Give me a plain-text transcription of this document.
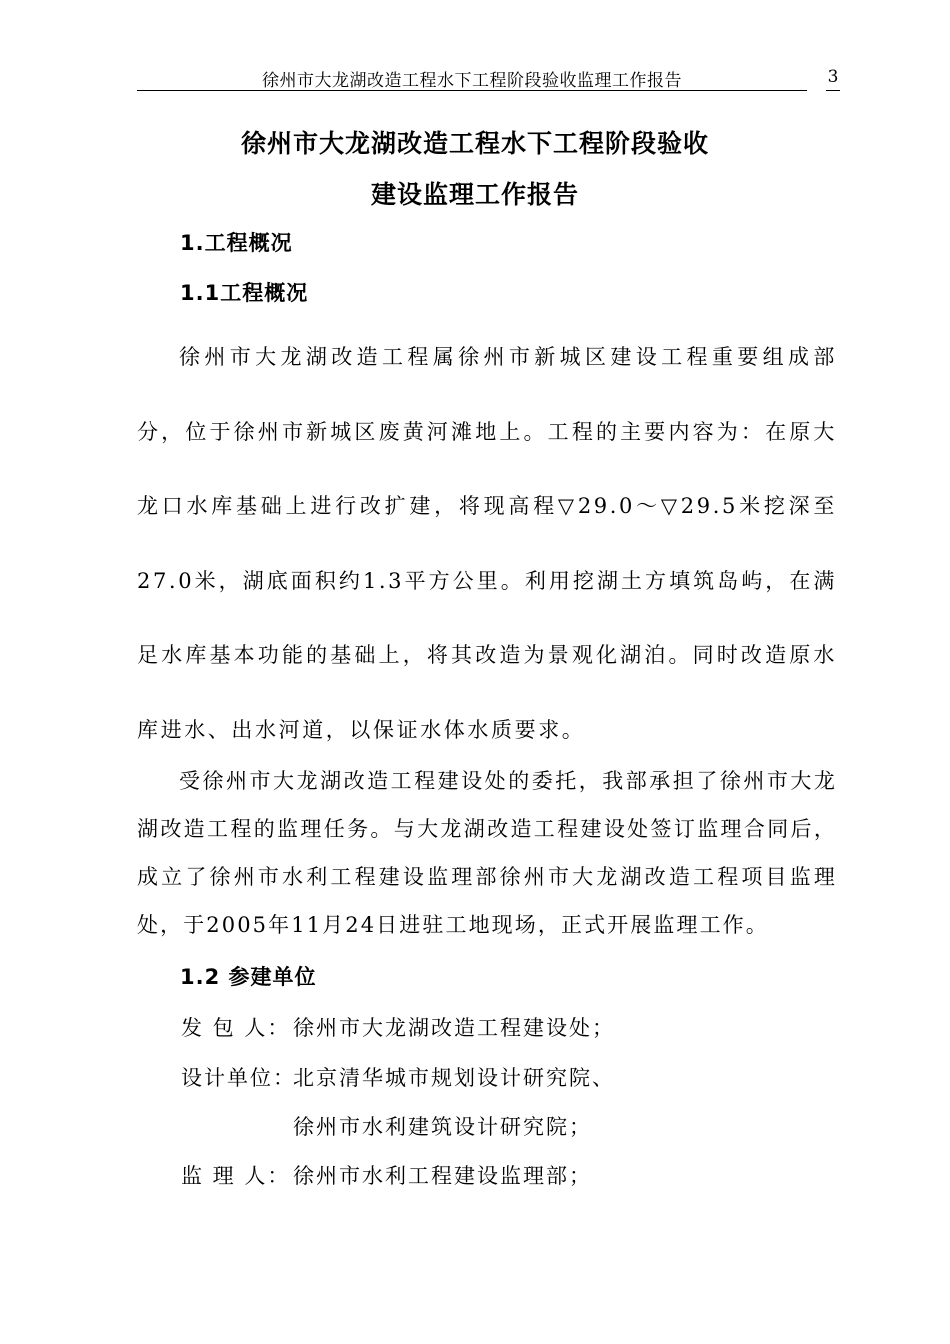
徐州市大龙湖改造工程水下工程阶段验收监理工作报告	3
徐州市大龙湖改造工程水下工程阶段验收
建设监理工作报告
1.工程概况
1.1工程概况

徐州市大龙湖改造工程属徐州市新城区建设工程重要组成部分，位于徐州市新城区废黄河滩地上。工程的主要内容为：在原大龙口水库基础上进行改扩建，将现高程▽29.0～▽29.5米挖深至27.0米，湖底面积约1.3平方公里。利用挖湖土方填筑岛屿，在满足水库基本功能的基础上，将其改造为景观化湖泊。同时改造原水库进水、出水河道，以保证水体水质要求。

受徐州市大龙湖改造工程建设处的委托，我部承担了徐州市大龙湖改造工程的监理任务。与大龙湖改造工程建设处签订监理合同后，成立了徐州市水利工程建设监理部徐州市大龙湖改造工程项目监理处，于2005年11月24日进驻工地现场，正式开展监理工作。

1.2 参建单位
发 包 人： 徐州市大龙湖改造工程建设处；
设计单位：
北京清华城市规划设计研究院、
徐州市水利建筑设计研究院；
监 理 人： 徐州市水利工程建设监理部；
